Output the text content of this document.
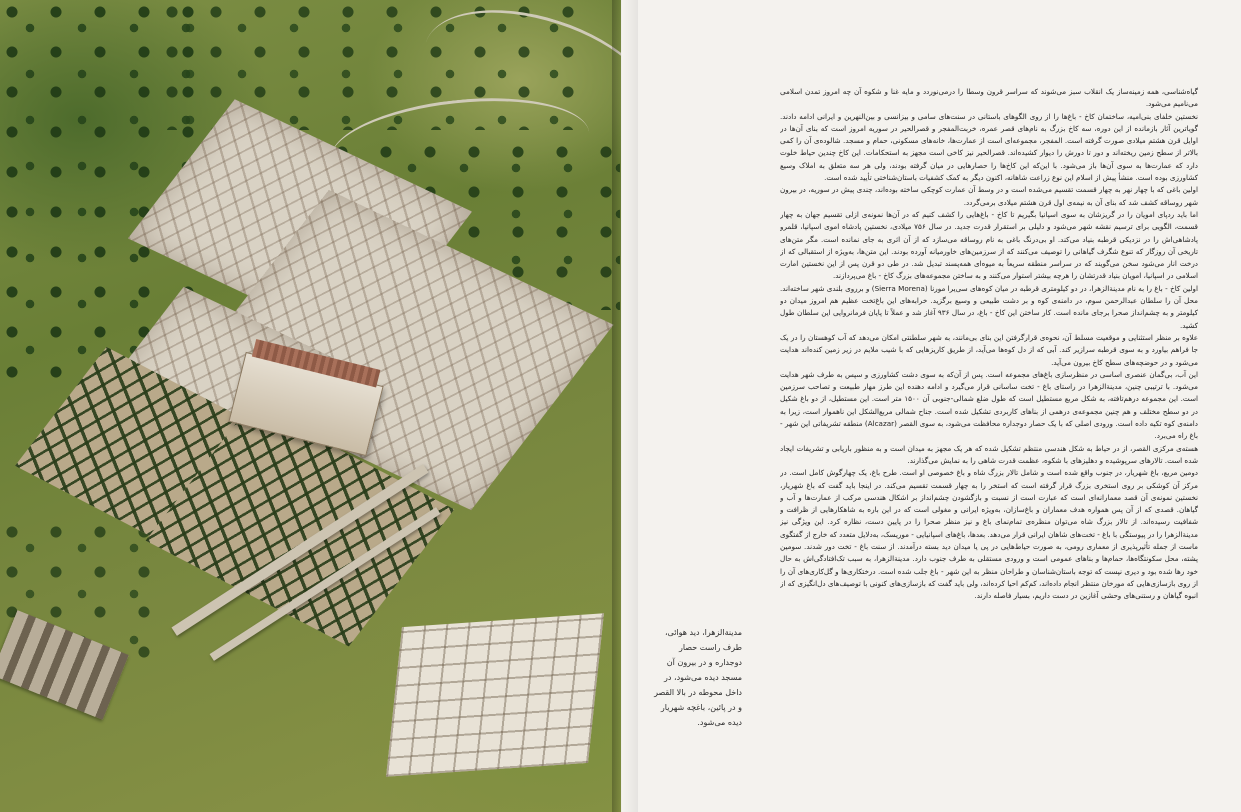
مدینة‌الزهرا، دید هوائی، طرف راست حصار دوجداره و در بیرون آن مسجد دیده می‌شود، در داخل محوطه در بالا القصر و در پائین، باغچه شهریار دیده می‌شود.

گیاه‌شناسی، همه زمینه‌ساز یک انقلاب سبز می‌شوند که سراسر قرون وسطا را درمی‌نوردد و مایه غنا و شکوه آن چه امروز تمدن اسلامی می‌نامیم می‌شود.

نخستین خلفای بنی‌امیه، ساختمان کاخ - باغ‌ها را از روی الگوهای باستانی در سنت‌های سامی و بیزانسی و بین‌النهرین و ایرانی ادامه دادند. گویاترین آثار بازمانده از این دوره، سه کاخ بزرگ به نام‌های قصر عمره، خربت‌المفجر و قصرالحیر در سوریه امروز است که بنای آن‌ها در اوایل قرن هشتم میلادی صورت گرفته است. المفجر، مجموعه‌ای است از عمارت‌ها، خانه‌های مسکونی، حمام و مسجد. شالوده‌ی آن را کمی بالاتر از سطح زمین ریخته‌اند و دور تا دورش را دیوار کشیده‌اند. قصرالحیر نیز کاخی است مجهز به استحکامات. این کاخ چندین حیاط خلوت دارد که عمارت‌ها به سوی آن‌ها باز می‌شود. با این‌که این کاخ‌ها را حصارهایی در میان گرفته بودند، ولی هر سه متعلق به املاک وسیع کشاورزی بوده است. منشأ پیش از اسلام این نوع زراعت شاهانه، اکنون دیگر به کمک کشفیات باستان‌شناختی تأیید شده است.

اولین باغی که با چهار نهر به چهار قسمت تقسیم می‌شده است و در وسط آن عمارت کوچکی ساخته بوده‌اند، چندی پیش در سوریه، در بیرون شهر روساقه کشف شد که بنای آن به نیمه‌ی اول قرن هشتم میلادی برمی‌گردد.

اما باید ردپای امویان را در گریزشان به سوی اسپانیا بگیریم تا کاخ - باغ‌هایی را کشف کنیم که در آن‌ها نمونه‌ی ازلی تقسیم جهان به چهار قسمت، الگویی برای ترسیم نقشه شهر می‌شود و دلیلی بر استقرار قدرت جدید. در سال ۷۵۶ میلادی، نخستین پادشاه اموی اسپانیا، قلمرو پادشاهی‌اش را در نزدیکی قرطبه بنیاد می‌کند. او بی‌درنگ باغی به نام روساقه می‌سازد که از آن اثری به جای نمانده است. مگر متن‌های تاریخی آن روزگار که تنوع شگرف گیاهانی را توصیف می‌کنند که از سرزمین‌های خاورمیانه آورده بودند. این متن‌ها، به‌ویژه از استقبالی که از درخت انار می‌شود سخن می‌گویند که در سراسر منطقه سریعاً به میوه‌ای همه‌پسند تبدیل شد. در طی دو قرن پس از این نخستین امارت اسلامی در اسپانیا، امویان بنیاد قدرتشان را هرچه بیشتر استوار می‌کنند و به ساختن مجموعه‌های بزرگ کاخ - باغ می‌پردازند.

اولین کاخ - باغ را به نام مدینة‌الزهرا، در دو کیلومتری قرطبه در میان کوه‌های سی‌یرا مورنا (Sierra Morena) و برروی بلندی شهر ساخته‌اند. محل آن را سلطان عبدالرحمن سوم، در دامنه‌ی کوه و بر دشت طبیعی و وسیع برگزید. خرابه‌های این باغ‌تخت عظیم هم امروز میدان دو کیلومتر و به چشم‌انداز صحرا برجای مانده است. کار ساختن این کاخ - باغ، در سال ۹۳۶ آغاز شد و عملاً تا پایان فرمانروایی این سلطان طول کشید.

علاوه بر منظر استثنایی و موقعیت مسلط آن، نحوه‌ی قرارگرفتن این بنای بی‌مانند، به شهر سلطنتی امکان می‌دهد که آب کوهستان را در یک جا فراهم بیاورد و به سوی قرطبه سرازیر کند. آبی که از دل کوه‌ها می‌آید، از طریق کاریزهایی که با شیب ملایم در زیر زمین کنده‌اند هدایت می‌شود و در حوضچه‌های سطح کاخ بیرون می‌آید.

این آب، بی‌گمان عنصری اساسی در منظرسازی باغ‌های مجموعه است. پس از آن‌که به سوی دشت کشاورزی و سپس به طرف شهر هدایت می‌شود. با ترتیبی چنین، مدینة‌الزهرا در راستای باغ - تخت ساسانی قرار می‌گیرد و ادامه دهنده این طرز مهار طبیعت و تصاحب سرزمین است. این مجموعه درهم‌تافته، به شکل مربع مستطیل است که طول ضلع شمالی-جنوبی آن ۱۵۰۰ متر است. این مستطیل، از دو باغ شکیل در دو سطح مختلف و هم چنین مجموعه‌ی درهمی از بناهای کاربردی تشکیل شده است. جناح شمالی مربع‌الشکل این ناهموار است، زیرا به دامنه‌ی کوه تکیه داده است. ورودی اصلی که با یک حصار دوجداره محافظت می‌شود، به سوی القصر (Alcazar) منطقه تشریفاتی این شهر - باغ راه می‌برد.

هسته‌ی مرکزی القصر، از در حیاط به شکل هندسی منتظم تشکیل شده که هر یک مجهز به میدان است و به منظور بارپابی و تشریفات ایجاد شده است. تالارهای سرپوشیده و دهلیزهای با شکوه، عظمت قدرت شاهی را به نمایش می‌گذارند.

دومین مربع، باغ شهریار، در جنوب واقع شده است و شامل تالار بزرگ شاه و باغ خصوصی او است. طرح باغ، یک چهارگوش کامل است. در مرکز آن کوشکی بر روی استخری بزرگ قرار گرفته است که استخر را به چهار قسمت تقسیم می‌کند. در اینجا باید گفت که باغ شهریار، نخستین نمونه‌ی آن قصد معمارانه‌ای است که عبارت است از نسبت و بازگشودن چشم‌انداز بر اشکال هندسی مرکب از عمارت‌ها و آب و گیاهان. قصدی که از آن پس همواره هدف معماران و باغ‌سازان، به‌ویژه ایرانی و مغولی است که در این باره به شاهکارهایی از ظرافت و شفافیت رسیده‌اند. از تالار بزرگ شاه می‌توان منظره‌ی تمام‌نمای باغ و نیز منظر صحرا را در پایین دست، نظاره کرد. این ویژگی نیز مدینة‌الزهرا را در پیوستگی با باغ - تخت‌های شاهان ایرانی قرار می‌دهد. بعدها، باغ‌های اسپانیایی - موریسک، به‌دلایل متعدد که خارج از گفتگوی ماست از جمله تأثیرپذیری از معماری رومی، به صورت حیاط‌هایی در پی یا میدان دید بسته درآمدند. از سنت باغ - تخت دور شدند. سومین پشته، محل سکونتگاه‌ها، حمام‌ها و بناهای عمومی است و ورودی مستقلی به طرف جنوب دارد. مدینة‌الزهرا، به سبب تک‌افتادگی‌اش به حال خود رها شده بود و دیری نپست که توجه باستان‌شناسان و طراحان منظر به این شهر - باغ جلب شده است. درختکاری‌ها و گل‌کاری‌های آن را از روی بازسازی‌هایی که مورخان منتظر انجام داده‌اند، کم‌کم احیا کرده‌اند، ولی باید گفت که بازسازی‌های کنونی با توصیف‌های دل‌انگیزی که از انبوه گیاهان و رستنی‌های وحشی آغازین در دست داریم، بسیار فاصله دارند.
